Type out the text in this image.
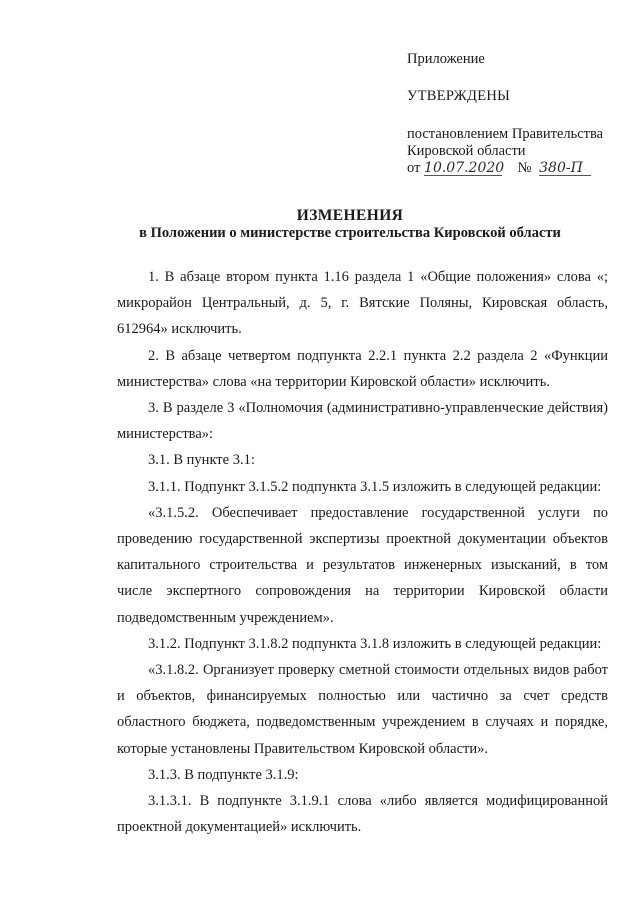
Приложение

УТВЕРЖДЕНЫ

постановлением Правительства

Кировской области

от 10.07.2020 № 380-П

ИЗМЕНЕНИЯ
в Положении о министерстве строительства Кировской области

1. В абзаце втором пункта 1.16 раздела 1 «Общие положения» слова «; микрорайон Центральный, д. 5, г. Вятские Поляны, Кировская область, 612964» исключить.

2. В абзаце четвертом подпункта 2.2.1 пункта 2.2 раздела 2 «Функции министерства» слова «на территории Кировской области» исключить.

3. В разделе 3 «Полномочия (административно-управленческие действия) министерства»:

3.1. В пункте 3.1:

3.1.1. Подпункт 3.1.5.2 подпункта 3.1.5 изложить в следующей редакции:

«3.1.5.2. Обеспечивает предоставление государственной услуги по проведению государственной экспертизы проектной документации объектов капитального строительства и результатов инженерных изысканий, в том числе экспертного сопровождения на территории Кировской области подведомственным учреждением».

3.1.2. Подпункт 3.1.8.2 подпункта 3.1.8 изложить в следующей редакции:

«3.1.8.2. Организует проверку сметной стоимости отдельных видов работ и объектов, финансируемых полностью или частично за счет средств областного бюджета, подведомственным учреждением в случаях и порядке, которые установлены Правительством Кировской области».

3.1.3. В подпункте 3.1.9:

3.1.3.1. В подпункте 3.1.9.1 слова «либо является модифицированной проектной документацией» исключить.
